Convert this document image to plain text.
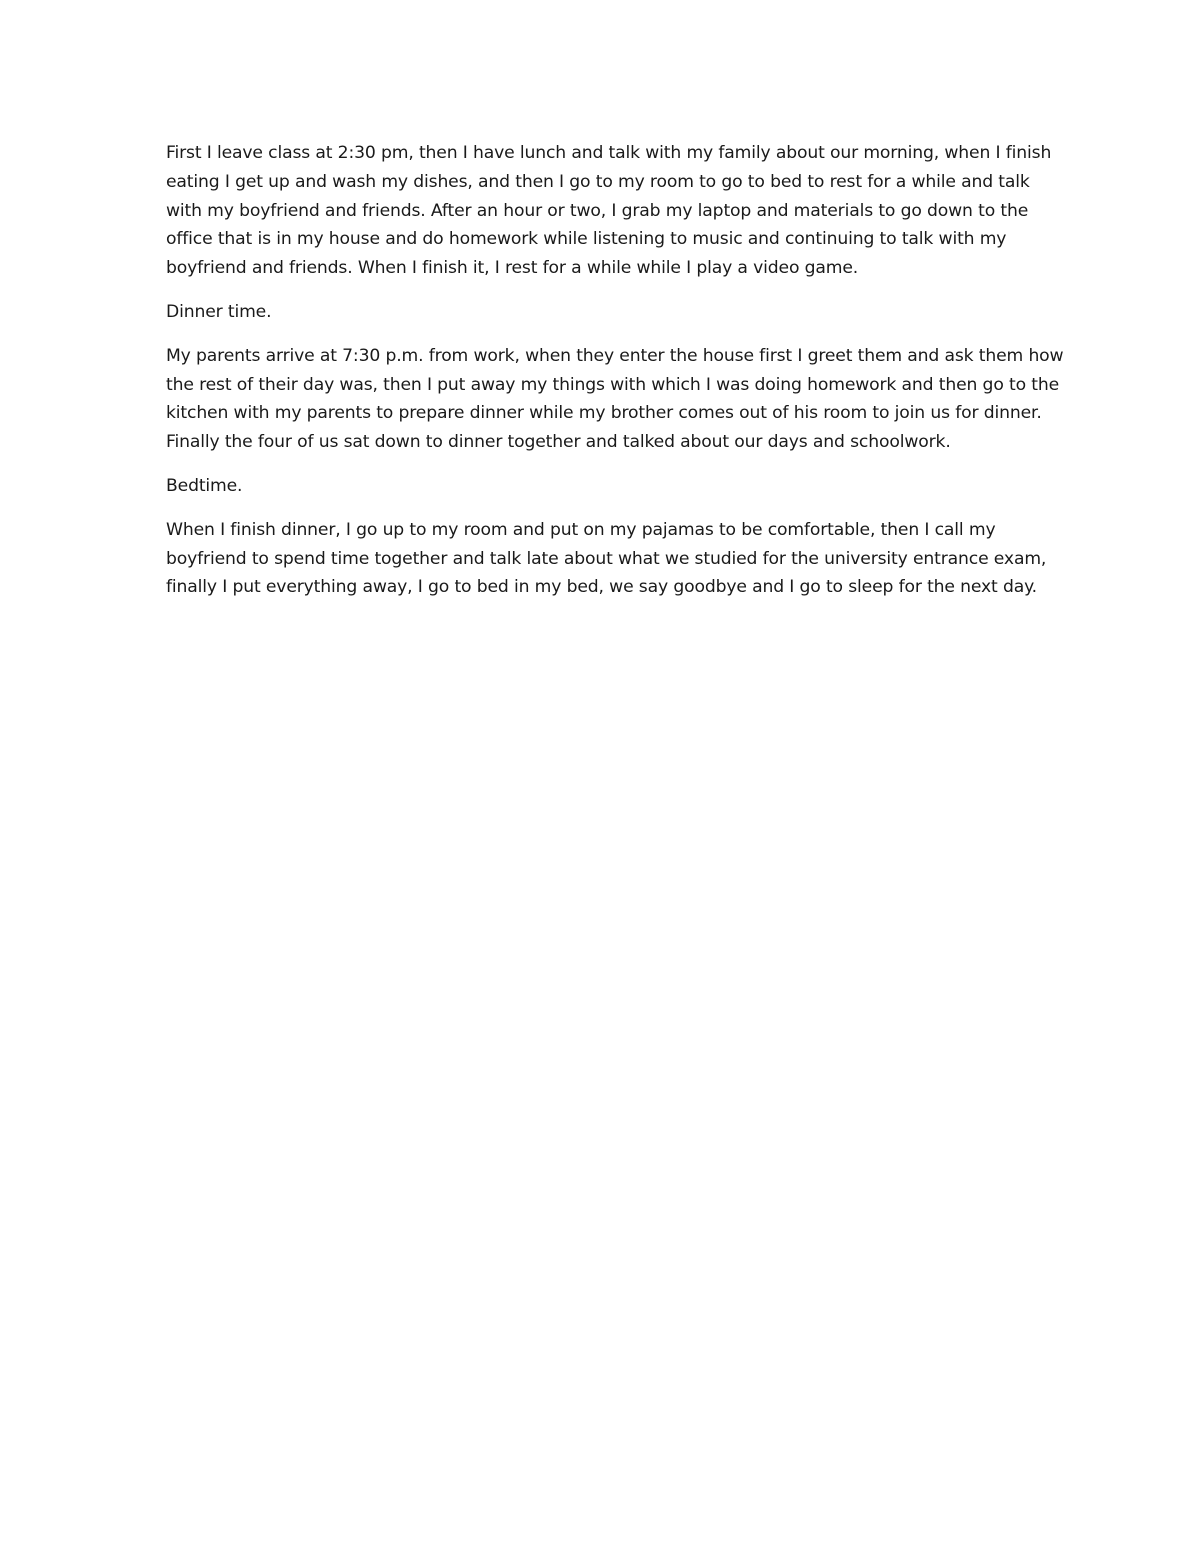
First I leave class at 2:30 pm, then I have lunch and talk with my family about our morning, when I finish eating I get up and wash my dishes, and then I go to my room to go to bed to rest for a while and talk with my boyfriend and friends. After an hour or two, I grab my laptop and materials to go down to the office that is in my house and do homework while listening to music and continuing to talk with my boyfriend and friends. When I finish it, I rest for a while while I play a video game.

Dinner time.

My parents arrive at 7:30 p.m. from work, when they enter the house first I greet them and ask them how the rest of their day was, then I put away my things with which I was doing homework and then go to the kitchen with my parents to prepare dinner while my brother comes out of his room to join us for dinner. Finally the four of us sat down to dinner together and talked about our days and schoolwork.

Bedtime.

When I finish dinner, I go up to my room and put on my pajamas to be comfortable, then I call my boyfriend to spend time together and talk late about what we studied for the university entrance exam, finally I put everything away, I go to bed in my bed, we say goodbye and I go to sleep for the next day.
